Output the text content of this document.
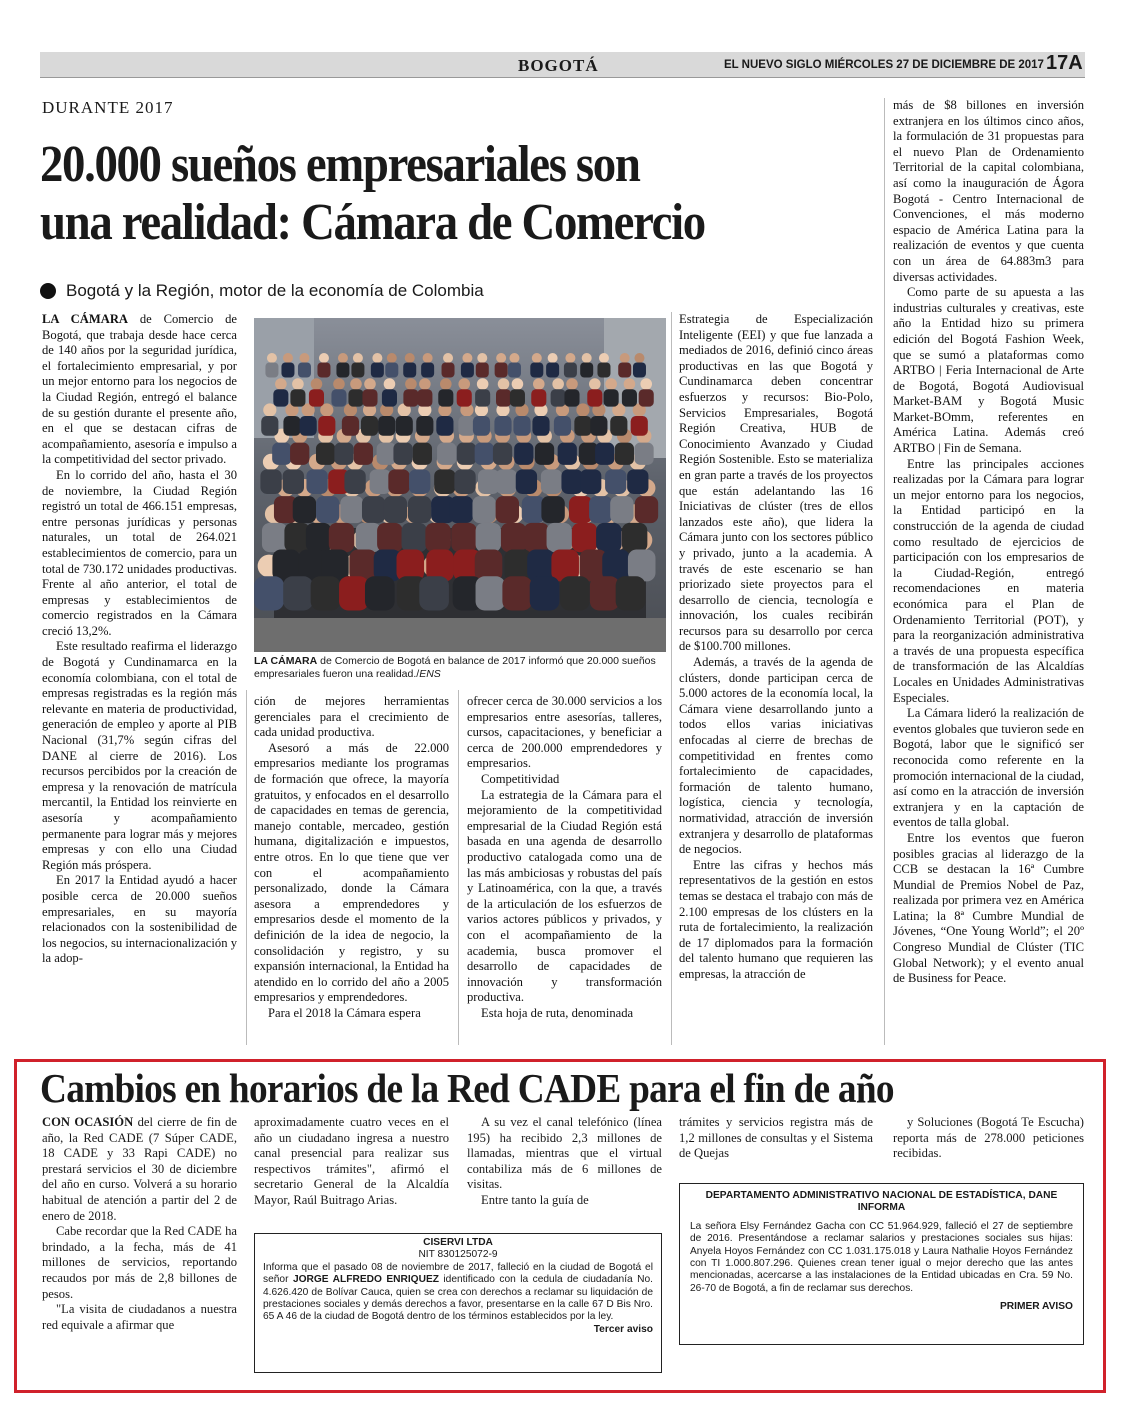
BOGOTÁ	EL NUEVO SIGLO MIÉRCOLES 27 DE DICIEMBRE DE 2017 17A
DURANTE 2017
20.000 sueños empresariales son
una realidad: Cámara de Comercio
Bogotá y la Región, motor de la economía de Colombia

LA CÁMARA de Comercio de Bogotá, que trabaja desde hace cerca de 140 años por la seguridad jurídica, el fortalecimiento empresarial, y por un mejor entorno para los negocios de la Ciudad Región, entregó el balance de su gestión durante el presente año, en el que se destacan cifras de acompañamiento, asesoría e impulso a la competitividad del sector privado.

En lo corrido del año, hasta el 30 de noviembre, la Ciudad Región registró un total de 466.151 empresas, entre personas jurídicas y personas naturales, un total de 264.021 establecimientos de comercio, para un total de 730.172 unidades productivas. Frente al año anterior, el total de empresas y establecimientos de comercio registrados en la Cámara creció 13,2%.

Este resultado reafirma el liderazgo de Bogotá y Cundinamarca en la economía colombiana, con el total de empresas registradas es la región más relevante en materia de productividad, generación de empleo y aporte al PIB Nacional (31,7% según cifras del DANE al cierre de 2016). Los recursos percibidos por la creación de empresa y la renovación de matrícula mercantil, la Entidad los reinvierte en asesoría y acompañamiento permanente para lograr más y mejores empresas y con ello una Ciudad Región más próspera.

En 2017 la Entidad ayudó a hacer posible cerca de 20.000 sueños empresariales, en su mayoría relacionados con la sostenibilidad de los negocios, su internacionalización y la adop-

LA CÁMARA de Comercio de Bogotá en balance de 2017 informó que 20.000 sueños empresariales fueron una realidad./ENS

ción de mejores herramientas gerenciales para el crecimiento de cada unidad productiva.

Asesoró a más de 22.000 empresarios mediante los programas de formación que ofrece, la mayoría gratuitos, y enfocados en el desarrollo de capacidades en temas de gerencia, manejo contable, mercadeo, gestión humana, digitalización e impuestos, entre otros. En lo que tiene que ver con el acompañamiento personalizado, donde la Cámara asesora a emprendedores y empresarios desde el momento de la definición de la idea de negocio, la consolidación y registro, y su expansión internacional, la Entidad ha atendido en lo corrido del año a 2005 empresarios y emprendedores.

Para el 2018 la Cámara espera

ofrecer cerca de 30.000 servicios a los empresarios entre asesorías, talleres, cursos, capacitaciones, y beneficiar a cerca de 200.000 emprendedores y empresarios.

Competitividad

La estrategia de la Cámara para el mejoramiento de la competitividad empresarial de la Ciudad Región está basada en una agenda de desarrollo productivo catalogada como una de las más ambiciosas y robustas del país y Latinoamérica, con la que, a través de la articulación de los esfuerzos de varios actores públicos y privados, y con el acompañamiento de la academia, busca promover el desarrollo de capacidades de innovación y transformación productiva.

Esta hoja de ruta, denominada

Estrategia de Especialización Inteligente (EEI) y que fue lanzada a mediados de 2016, definió cinco áreas productivas en las que Bogotá y Cundinamarca deben concentrar esfuerzos y recursos: Bio-Polo, Servicios Empresariales, Bogotá Región Creativa, HUB de Conocimiento Avanzado y Ciudad Región Sostenible. Esto se materializa en gran parte a través de los proyectos que están adelantando las 16 Iniciativas de clúster (tres de ellos lanzados este año), que lidera la Cámara junto con los sectores público y privado, junto a la academia. A través de este escenario se han priorizado siete proyectos para el desarrollo de ciencia, tecnología e innovación, los cuales recibirán recursos para su desarrollo por cerca de $100.700 millones.

Además, a través de la agenda de clústers, donde participan cerca de 5.000 actores de la economía local, la Cámara viene desarrollando junto a todos ellos varias iniciativas enfocadas al cierre de brechas de competitividad en frentes como fortalecimiento de capacidades, formación de talento humano, logística, ciencia y tecnología, normatividad, atracción de inversión extranjera y desarrollo de plataformas de negocios.

Entre las cifras y hechos más representativos de la gestión en estos temas se destaca el trabajo con más de 2.100 empresas de los clústers en la ruta de fortalecimiento, la realización de 17 diplomados para la formación del talento humano que requieren las empresas, la atracción de

más de $8 billones en inversión extranjera en los últimos cinco años, la formulación de 31 propuestas para el nuevo Plan de Ordenamiento Territorial de la capital colombiana, así como la inauguración de Ágora Bogotá - Centro Internacional de Convenciones, el más moderno espacio de América Latina para la realización de eventos y que cuenta con un área de 64.883m3 para diversas actividades.

Como parte de su apuesta a las industrias culturales y creativas, este año la Entidad hizo su primera edición del Bogotá Fashion Week, que se sumó a plataformas como ARTBO | Feria Internacional de Arte de Bogotá, Bogotá Audiovisual Market-BAM y Bogotá Music Market-BOmm, referentes en América Latina. Además creó ARTBO | Fin de Semana.

Entre las principales acciones realizadas por la Cámara para lograr un mejor entorno para los negocios, la Entidad participó en la construcción de la agenda de ciudad como resultado de ejercicios de participación con los empresarios de la Ciudad-Región, entregó recomendaciones en materia económica para el Plan de Ordenamiento Territorial (POT), y para la reorganización administrativa a través de una propuesta específica de transformación de las Alcaldías Locales en Unidades Administrativas Especiales.

La Cámara lideró la realización de eventos globales que tuvieron sede en Bogotá, labor que le significó ser reconocida como referente en la promoción internacional de la ciudad, así como en la atracción de inversión extranjera y en la captación de eventos de talla global.

Entre los eventos que fueron posibles gracias al liderazgo de la CCB se destacan la 16ª Cumbre Mundial de Premios Nobel de Paz, realizada por primera vez en América Latina; la 8ª Cumbre Mundial de Jóvenes, “One Young World”; el 20º Congreso Mundial de Clúster (TIC Global Network); y el evento anual de Business for Peace.

Cambios en horarios de la Red CADE para el fin de año

CON OCASIÓN del cierre de fin de año, la Red CADE (7 Súper CADE, 18 CADE y 33 Rapi CADE) no prestará servicios el 30 de diciembre del año en curso. Volverá a su horario habitual de atención a partir del 2 de enero de 2018.

Cabe recordar que la Red CADE ha brindado, a la fecha, más de 41 millones de servicios, reportando recaudos por más de 2,8 billones de pesos.

"La visita de ciudadanos a nuestra red equivale a afirmar que

aproximadamente cuatro veces en el año un ciudadano ingresa a nuestro canal presencial para realizar sus respectivos trámites", afirmó el secretario General de la Alcaldía Mayor, Raúl Buitrago Arias.

A su vez el canal telefónico (línea 195) ha recibido 2,3 millones de llamadas, mientras que el virtual contabiliza más de 6 millones de visitas.

Entre tanto la guía de

trámites y servicios registra más de 1,2 millones de consultas y el Sistema de Quejas

y Soluciones (Bogotá Te Escucha) reporta más de 278.000 peticiones recibidas.

CISERVI LTDA
NIT 830125072-9
Informa que el pasado 08 de noviembre de 2017, falleció en la ciudad de Bogotá el señor JORGE ALFREDO ENRIQUEZ identificado con la cedula de ciudadanía No. 4.626.420 de Bolívar Cauca, quien se crea con derechos a reclamar su liquidación de prestaciones sociales y demás derechos a favor, presentarse en la calle 67 D Bis Nro. 65 A 46 de la ciudad de Bogotá dentro de los términos establecidos por la ley.
Tercer aviso
DEPARTAMENTO ADMINISTRATIVO NACIONAL DE ESTADÍSTICA, DANE
INFORMA
La señora Elsy Fernández Gacha con CC 51.964.929, falleció el 27 de septiembre de 2016. Presentándose a reclamar salarios y prestaciones sociales sus hijas: Anyela Hoyos Fernández con CC 1.031.175.018 y Laura Nathalie Hoyos Fernández con TI 1.000.807.296. Quienes crean tener igual o mejor derecho que las antes mencionadas, acercarse a las instalaciones de la Entidad ubicadas en Cra. 59 No. 26-70 de Bogotá, a fin de reclamar sus derechos.
PRIMER AVISO
